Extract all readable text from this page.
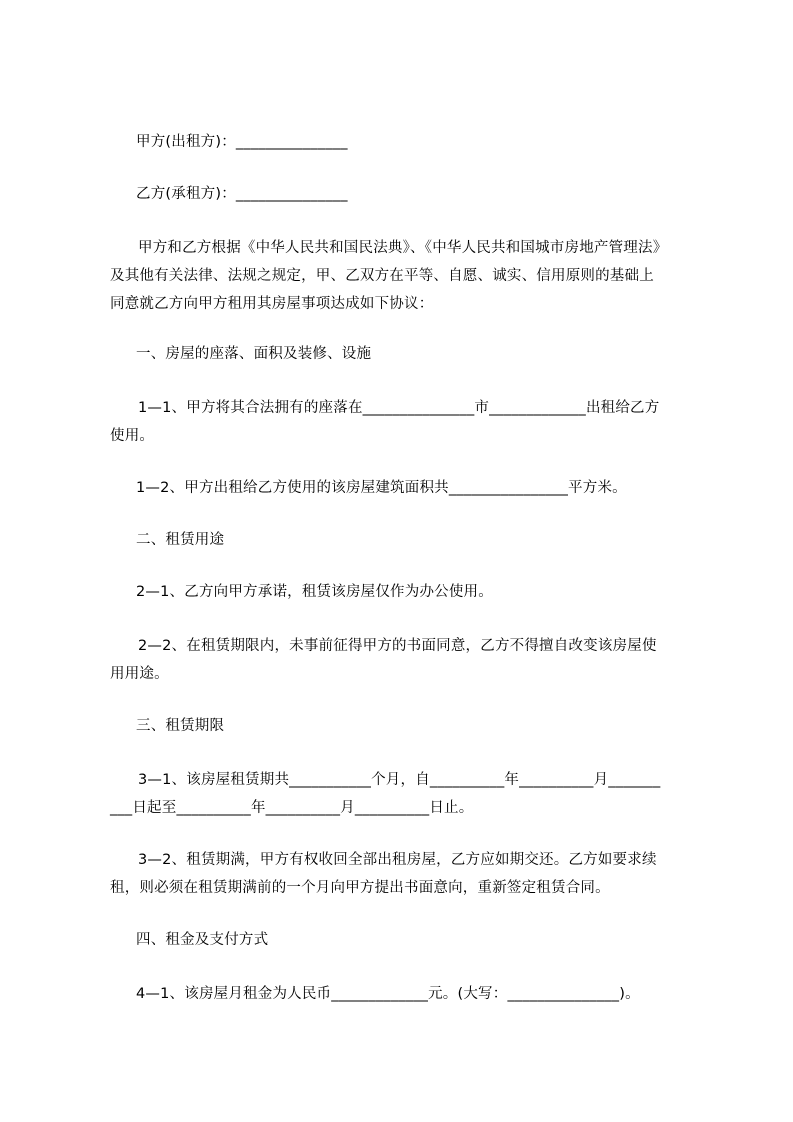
甲方(出租方)：_______________

乙方(承租方)：_______________

甲方和乙方根据《中华人民共和国民法典》、《中华人民共和国城市房地产管理法》

及其他有关法律、法规之规定，甲、乙双方在平等、自愿、诚实、信用原则的基础上

同意就乙方向甲方租用其房屋事项达成如下协议：

一、房屋的座落、面积及装修、设施

1—1、甲方将其合法拥有的座落在_______________市_____________出租给乙方

使用。

1—2、甲方出租给乙方使用的该房屋建筑面积共________________平方米。

二、租赁用途

2—1、乙方向甲方承诺，租赁该房屋仅作为办公使用。

2—2、在租赁期限内，未事前征得甲方的书面同意，乙方不得擅自改变该房屋使

用用途。

三、租赁期限

3—1、该房屋租赁期共___________个月，自__________年__________月_______

___日起至__________年__________月__________日止。

3—2、租赁期满，甲方有权收回全部出租房屋，乙方应如期交还。乙方如要求续

租，则必须在租赁期满前的一个月向甲方提出书面意向，重新签定租赁合同。

四、租金及支付方式

4—1、该房屋月租金为人民币_____________元。(大写：_______________)。
